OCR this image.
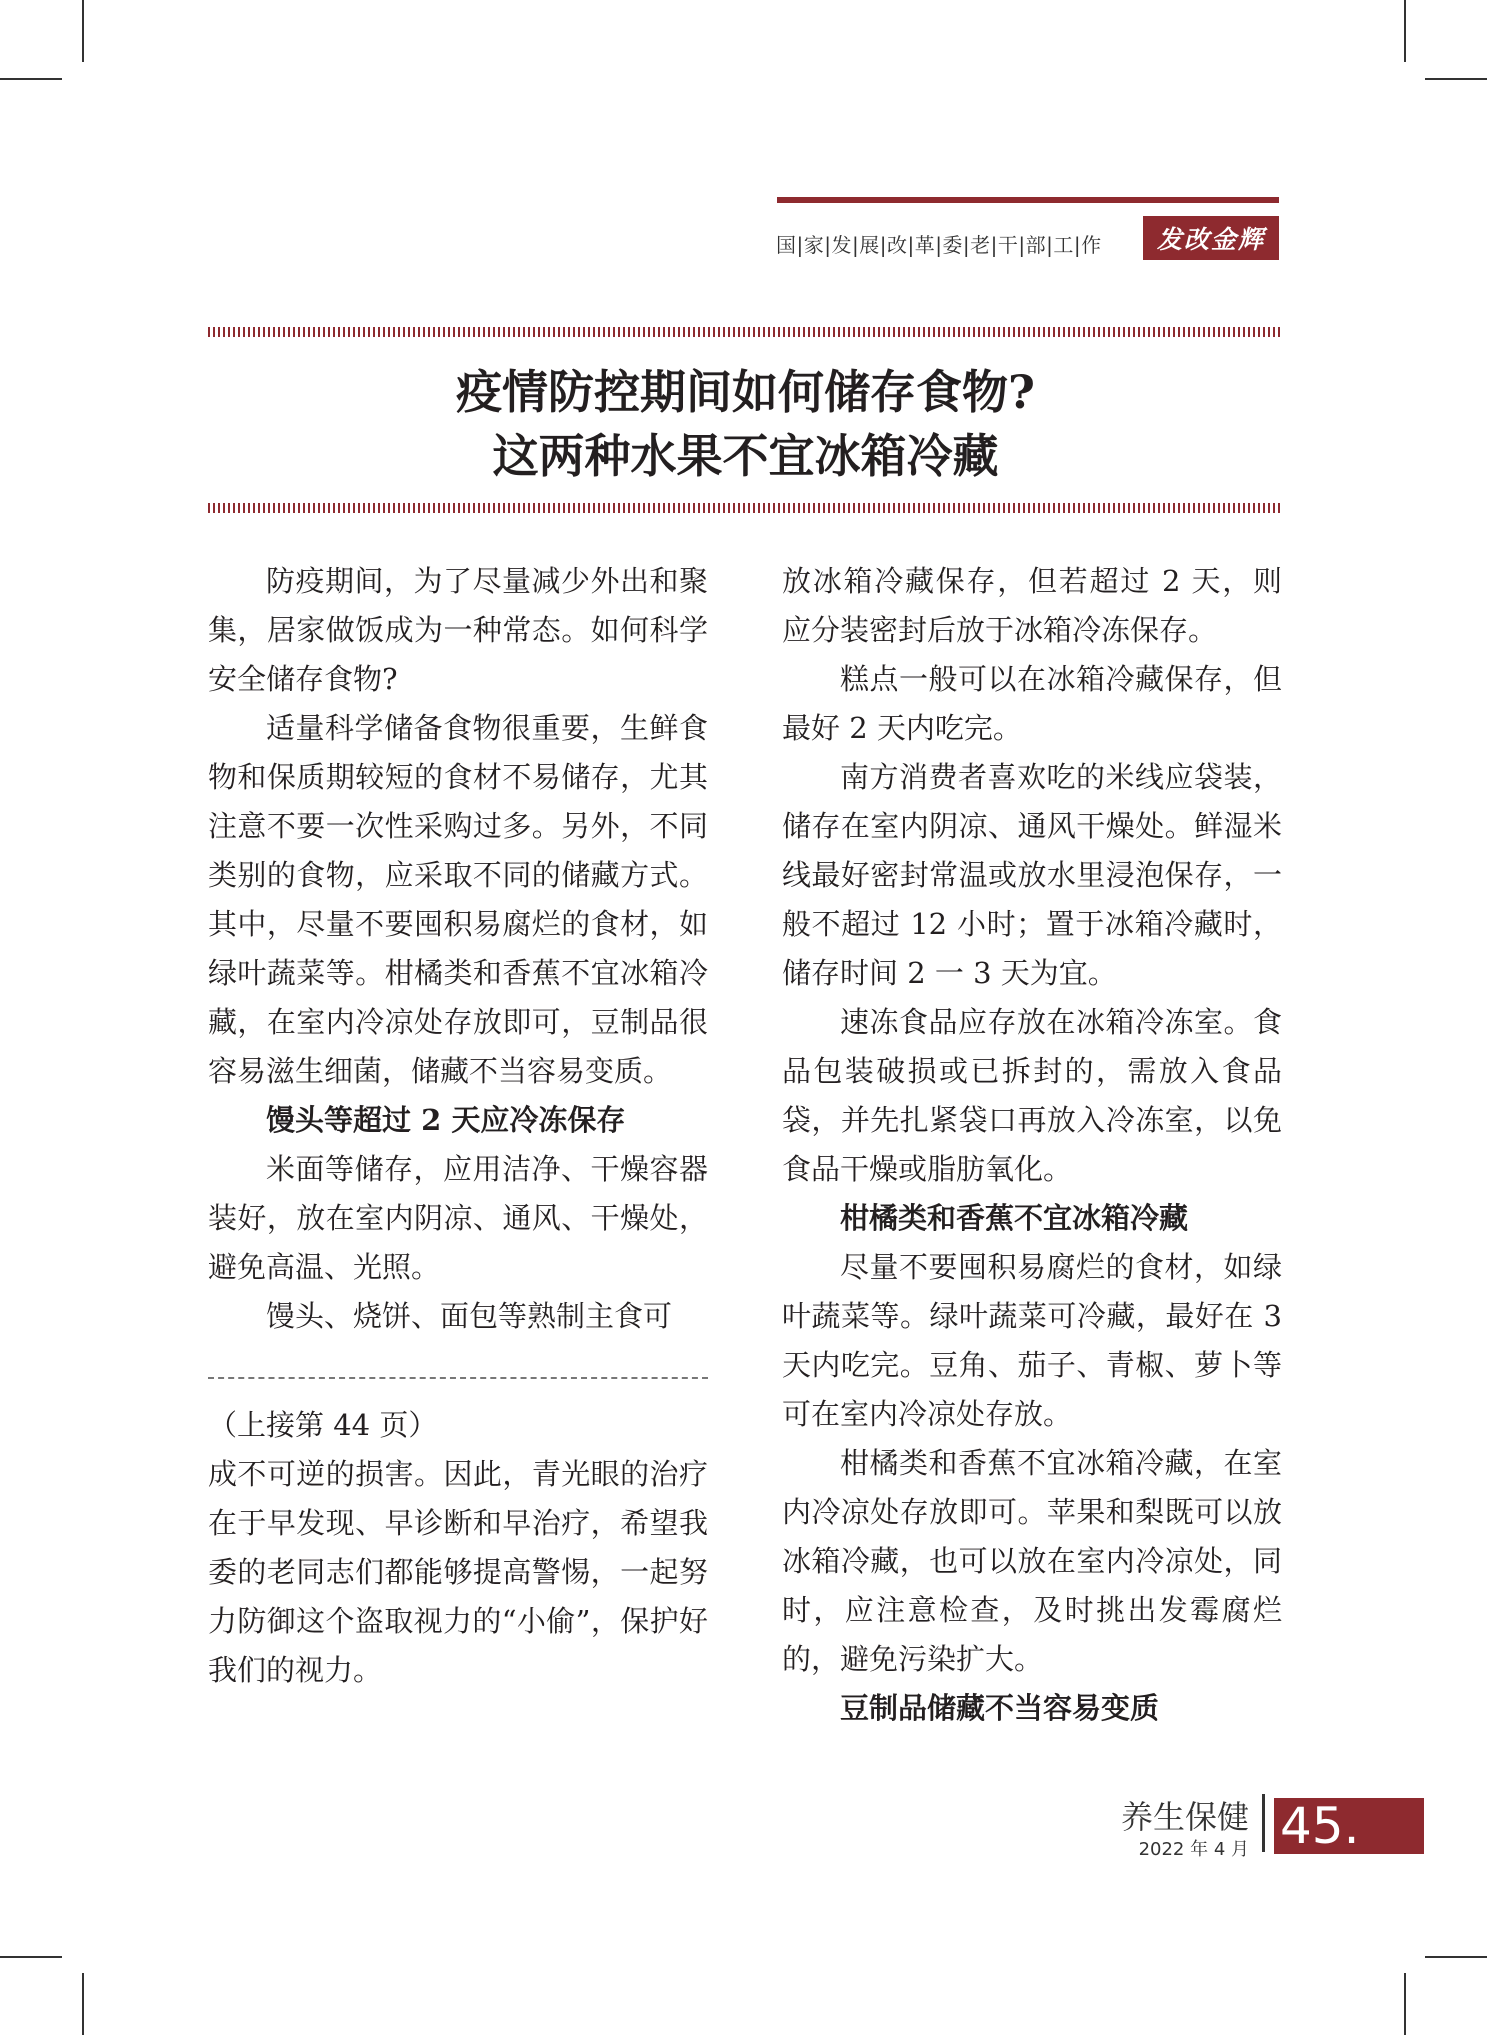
国|家|发|展|改|革|委|老|干|部|工|作	发改金辉
疫情防控期间如何储存食物?
这两种水果不宜冰箱冷藏

防疫期间，为了尽量减少外出和聚集，居家做饭成为一种常态。如何科学安全储存食物?

适量科学储备食物很重要，生鲜食物和保质期较短的食材不易储存，尤其注意不要一次性采购过多。另外，不同类别的食物，应采取不同的储藏方式。其中，尽量不要囤积易腐烂的食材，如绿叶蔬菜等。柑橘类和香蕉不宜冰箱冷藏，在室内冷凉处存放即可，豆制品很容易滋生细菌，储藏不当容易变质。

馒头等超过 2 天应冷冻保存

米面等储存，应用洁净、干燥容器装好，放在室内阴凉、通风、干燥处，避免高温、光照。

馒头、烧饼、面包等熟制主食可

（上接第 44 页）

成不可逆的损害。因此，青光眼的治疗在于早发现、早诊断和早治疗，希望我委的老同志们都能够提高警惕，一起努力防御这个盗取视力的“小偷”，保护好我们的视力。

放冰箱冷藏保存，但若超过 2 天，则应分装密封后放于冰箱冷冻保存。

糕点一般可以在冰箱冷藏保存，但最好 2 天内吃完。

南方消费者喜欢吃的米线应袋装，储存在室内阴凉、通风干燥处。鲜湿米线最好密封常温或放水里浸泡保存，一般不超过 12 小时；置于冰箱冷藏时，储存时间 2 一 3 天为宜。

速冻食品应存放在冰箱冷冻室。食品包装破损或已拆封的，需放入食品袋，并先扎紧袋口再放入冷冻室，以免食品干燥或脂肪氧化。

柑橘类和香蕉不宜冰箱冷藏

尽量不要囤积易腐烂的食材，如绿叶蔬菜等。绿叶蔬菜可冷藏，最好在 3 天内吃完。豆角、茄子、青椒、萝卜等可在室内冷凉处存放。

柑橘类和香蕉不宜冰箱冷藏，在室内冷凉处存放即可。苹果和梨既可以放冰箱冷藏，也可以放在室内冷凉处，同时，应注意检查，及时挑出发霉腐烂的，避免污染扩大。

豆制品储藏不当容易变质

养生保健
2022 年 4 月 45.
